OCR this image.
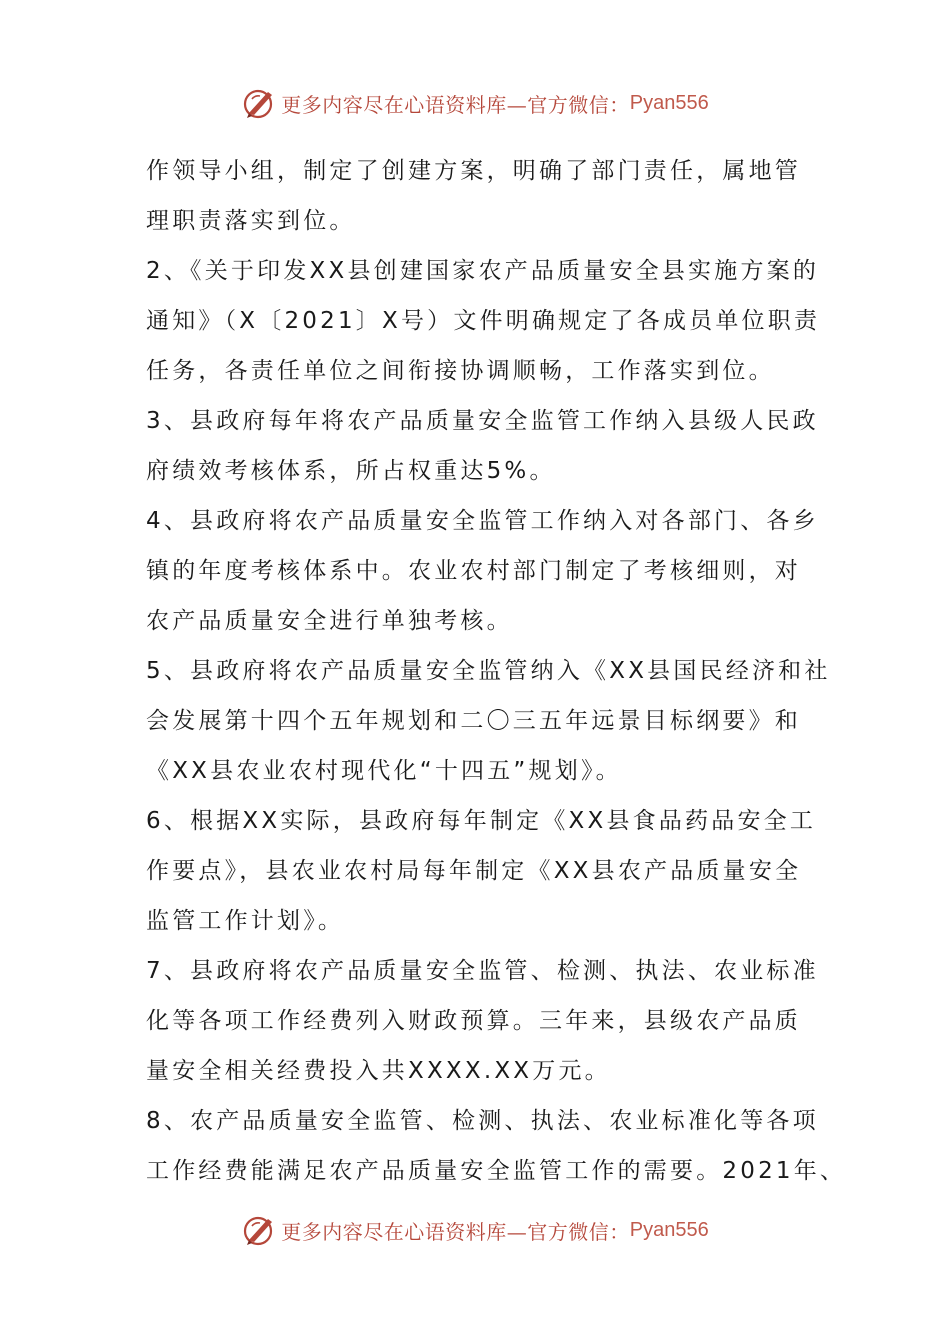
更多内容尽在心语资料库—官方微信： Pyan556
作领导小组，制定了创建方案，明确了部门责任，属地管
理职责落实到位。
2、《关于印发XX县创建国家农产品质量安全县实施方案的
通知》（X〔2021〕X号）文件明确规定了各成员单位职责
任务，各责任单位之间衔接协调顺畅，工作落实到位。
3、县政府每年将农产品质量安全监管工作纳入县级人民政
府绩效考核体系，所占权重达5%。
4、县政府将农产品质量安全监管工作纳入对各部门、各乡
镇的年度考核体系中。农业农村部门制定了考核细则，对
农产品质量安全进行单独考核。
5、县政府将农产品质量安全监管纳入《XX县国民经济和社
会发展第十四个五年规划和二〇三五年远景目标纲要》和
《XX县农业农村现代化“十四五”规划》。
6、根据XX实际，县政府每年制定《XX县食品药品安全工
作要点》，县农业农村局每年制定《XX县农产品质量安全
监管工作计划》。
7、县政府将农产品质量安全监管、检测、执法、农业标准
化等各项工作经费列入财政预算。三年来，县级农产品质
量安全相关经费投入共XXXX.XX万元。
8、农产品质量安全监管、检测、执法、农业标准化等各项
工作经费能满足农产品质量安全监管工作的需要。2021年、
更多内容尽在心语资料库—官方微信： Pyan556
